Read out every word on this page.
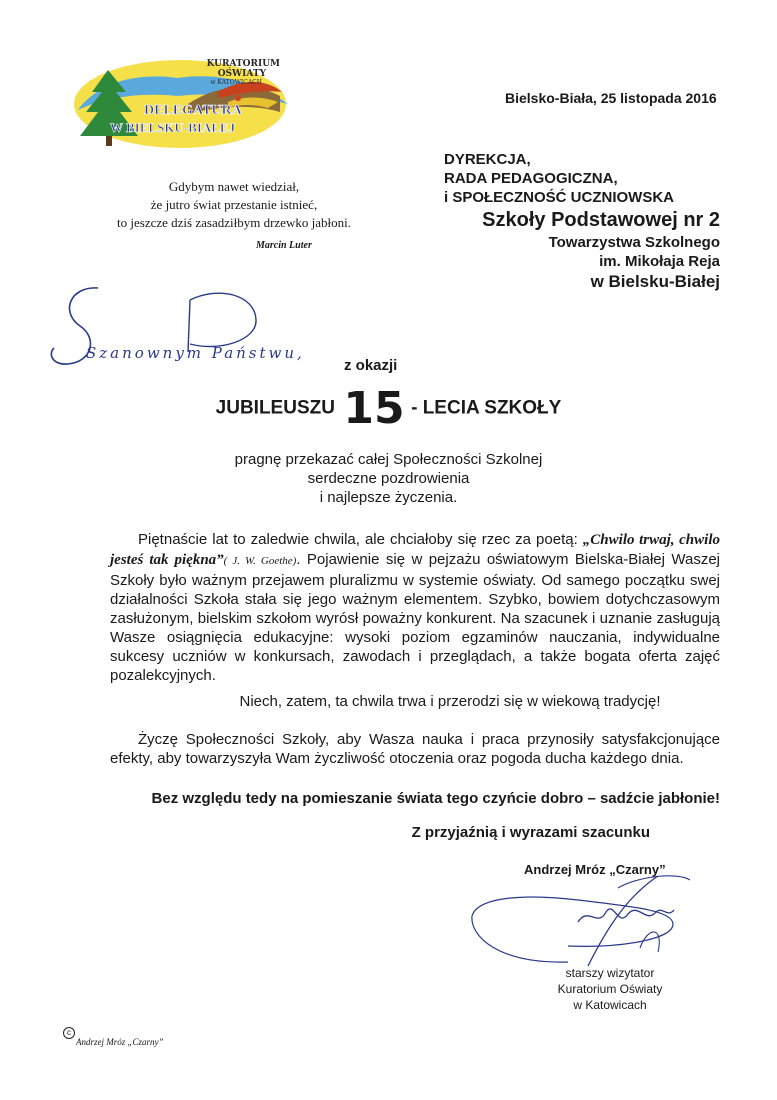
KURATORIUM
OŚWIATY
w KATOWICACH
DELEGATURA
W BIELSKU-BIAŁEJ
Bielsko-Biała, 25 listopada 2016
Gdybym nawet wiedział,
że jutro świat przestanie istnieć,
to jeszcze dziś zasadziłbym drzewko jabłoni.
Marcin Luter
DYREKCJA,
RADA PEDAGOGICZNA,
i SPOŁECZNOŚĆ UCZNIOWSKA
Szkoły Podstawowej nr 2
Towarzystwa Szkolnego
im. Mikołaja Reja
w Bielsku-Białej
Szanownym Państwu,
z okazji
JUBILEUSZU 15 - LECIA SZKOŁY
pragnę przekazać całej Społeczności Szkolnej
serdeczne pozdrowienia
i najlepsze życzenia.
Piętnaście lat to zaledwie chwila, ale chciałoby się rzec za poetą: „Chwilo trwaj, chwilo jesteś tak piękna”( J. W. Goethe). Pojawienie się w pejzażu oświatowym Bielska-Białej Waszej Szkoły było ważnym przejawem pluralizmu w systemie oświaty. Od samego początku swej działalności Szkoła stała się jego ważnym elementem. Szybko, bowiem dotychczasowym zasłużonym, bielskim szkołom wyrósł poważny konkurent. Na szacunek i uznanie zasługują Wasze osiągnięcia edukacyjne: wysoki poziom egzaminów nauczania, indywidualne sukcesy uczniów w konkursach, zawodach i przeglądach, a także bogata oferta zajęć pozalekcyjnych.
Niech, zatem, ta chwila trwa i przerodzi się w wiekową tradycję!
Życzę Społeczności Szkoły, aby Wasza nauka i praca przynosiły satysfakcjonujące efekty, aby towarzyszyła Wam życzliwość otoczenia oraz pogoda ducha każdego dnia.
Bez względu tedy na pomieszanie świata tego czyńcie dobro – sadźcie jabłonie!
Z przyjaźnią i wyrazami szacunku
Andrzej Mróz „Czarny”
starszy wizytator
Kuratorium Oświaty
w Katowicach
c
Andrzej Mróz „Czarny”
